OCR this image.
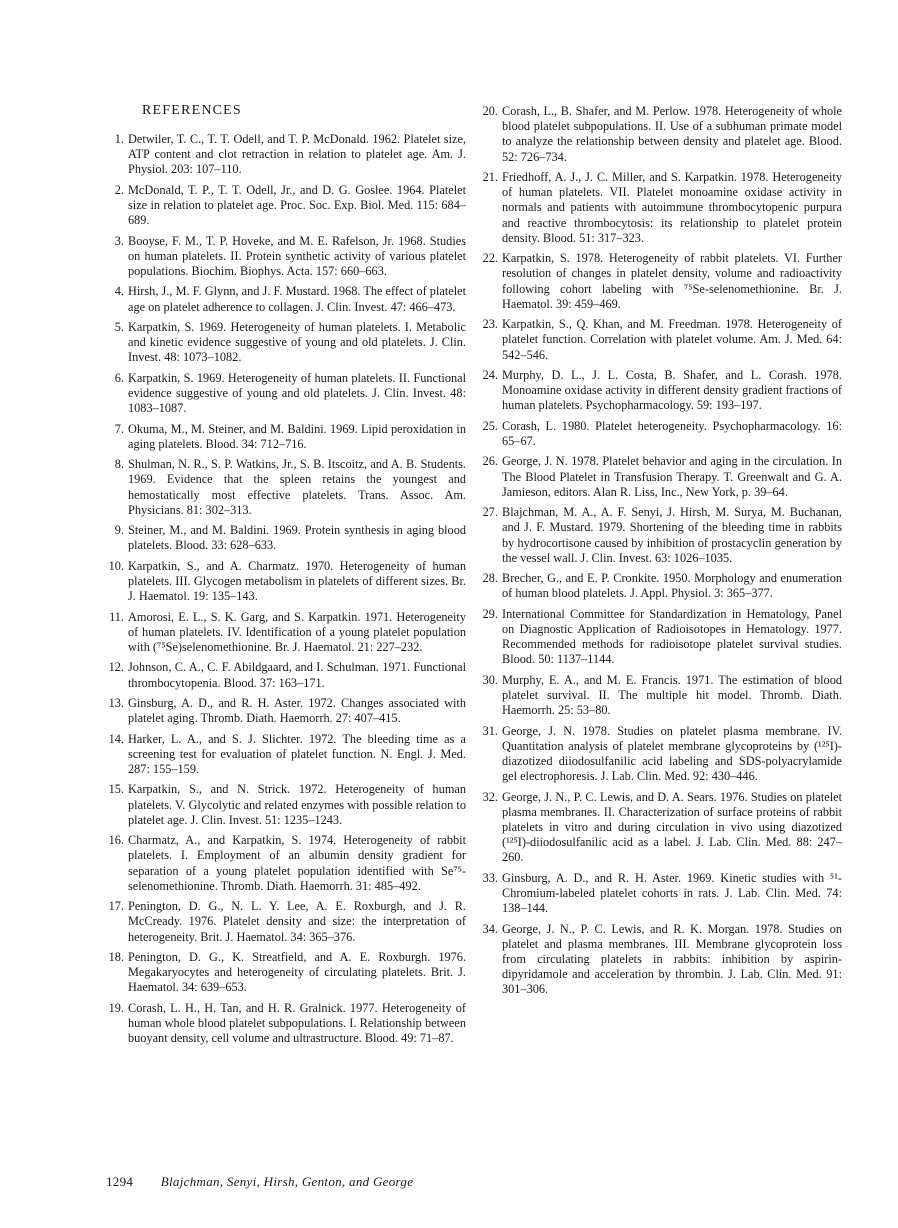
REFERENCES
1. Detwiler, T. C., T. T. Odell, and T. P. McDonald. 1962. Platelet size, ATP content and clot retraction in relation to platelet age. Am. J. Physiol. 203: 107–110.
2. McDonald, T. P., T. T. Odell, Jr., and D. G. Goslee. 1964. Platelet size in relation to platelet age. Proc. Soc. Exp. Biol. Med. 115: 684–689.
3. Booyse, F. M., T. P. Hoveke, and M. E. Rafelson, Jr. 1968. Studies on human platelets. II. Protein synthetic activity of various platelet populations. Biochim. Biophys. Acta. 157: 660–663.
4. Hirsh, J., M. F. Glynn, and J. F. Mustard. 1968. The effect of platelet age on platelet adherence to collagen. J. Clin. Invest. 47: 466–473.
5. Karpatkin, S. 1969. Heterogeneity of human platelets. I. Metabolic and kinetic evidence suggestive of young and old platelets. J. Clin. Invest. 48: 1073–1082.
6. Karpatkin, S. 1969. Heterogeneity of human platelets. II. Functional evidence suggestive of young and old platelets. J. Clin. Invest. 48: 1083–1087.
7. Okuma, M., M. Steiner, and M. Baldini. 1969. Lipid peroxidation in aging platelets. Blood. 34: 712–716.
8. Shulman, N. R., S. P. Watkins, Jr., S. B. Itscoitz, and A. B. Students. 1969. Evidence that the spleen retains the youngest and hemostatically most effective platelets. Trans. Assoc. Am. Physicians. 81: 302–313.
9. Steiner, M., and M. Baldini. 1969. Protein synthesis in aging blood platelets. Blood. 33: 628–633.
10. Karpatkin, S., and A. Charmatz. 1970. Heterogeneity of human platelets. III. Glycogen metabolism in platelets of different sizes. Br. J. Haematol. 19: 135–143.
11. Amorosi, E. L., S. K. Garg, and S. Karpatkin. 1971. Heterogeneity of human platelets. IV. Identification of a young platelet population with (⁷⁵Se)selenomethionine. Br. J. Haematol. 21: 227–232.
12. Johnson, C. A., C. F. Abildgaard, and I. Schulman. 1971. Functional thrombocytopenia. Blood. 37: 163–171.
13. Ginsburg, A. D., and R. H. Aster. 1972. Changes associated with platelet aging. Thromb. Diath. Haemorrh. 27: 407–415.
14. Harker, L. A., and S. J. Slichter. 1972. The bleeding time as a screening test for evaluation of platelet function. N. Engl. J. Med. 287: 155–159.
15. Karpatkin, S., and N. Strick. 1972. Heterogeneity of human platelets. V. Glycolytic and related enzymes with possible relation to platelet age. J. Clin. Invest. 51: 1235–1243.
16. Charmatz, A., and Karpatkin, S. 1974. Heterogeneity of rabbit platelets. I. Employment of an albumin density gradient for separation of a young platelet population identified with Se⁷⁵-selenomethionine. Thromb. Diath. Haemorrh. 31: 485–492.
17. Penington, D. G., N. L. Y. Lee, A. E. Roxburgh, and J. R. McCready. 1976. Platelet density and size: the interpretation of heterogeneity. Brit. J. Haematol. 34: 365–376.
18. Penington, D. G., K. Streatfield, and A. E. Roxburgh. 1976. Megakaryocytes and heterogeneity of circulating platelets. Brit. J. Haematol. 34: 639–653.
19. Corash, L. H., H. Tan, and H. R. Gralnick. 1977. Heterogeneity of human whole blood platelet subpopulations. I. Relationship between buoyant density, cell volume and ultrastructure. Blood. 49: 71–87.
20. Corash, L., B. Shafer, and M. Perlow. 1978. Heterogeneity of whole blood platelet subpopulations. II. Use of a subhuman primate model to analyze the relationship between density and platelet age. Blood. 52: 726–734.
21. Friedhoff, A. J., J. C. Miller, and S. Karpatkin. 1978. Heterogeneity of human platelets. VII. Platelet monoamine oxidase activity in normals and patients with autoimmune thrombocytopenic purpura and reactive thrombocytosis: its relationship to platelet protein density. Blood. 51: 317–323.
22. Karpatkin, S. 1978. Heterogeneity of rabbit platelets. VI. Further resolution of changes in platelet density, volume and radioactivity following cohort labeling with ⁷⁵Se-selenomethionine. Br. J. Haematol. 39: 459–469.
23. Karpatkin, S., Q. Khan, and M. Freedman. 1978. Heterogeneity of platelet function. Correlation with platelet volume. Am. J. Med. 64: 542–546.
24. Murphy, D. L., J. L. Costa, B. Shafer, and L. Corash. 1978. Monoamine oxidase activity in different density gradient fractions of human platelets. Psychopharmacology. 59: 193–197.
25. Corash, L. 1980. Platelet heterogeneity. Psychopharmacology. 16: 65–67.
26. George, J. N. 1978. Platelet behavior and aging in the circulation. In The Blood Platelet in Transfusion Therapy. T. Greenwalt and G. A. Jamieson, editors. Alan R. Liss, Inc., New York, p. 39–64.
27. Blajchman, M. A., A. F. Senyi, J. Hirsh, M. Surya, M. Buchanan, and J. F. Mustard. 1979. Shortening of the bleeding time in rabbits by hydrocortisone caused by inhibition of prostacyclin generation by the vessel wall. J. Clin. Invest. 63: 1026–1035.
28. Brecher, G., and E. P. Cronkite. 1950. Morphology and enumeration of human blood platelets. J. Appl. Physiol. 3: 365–377.
29. International Committee for Standardization in Hematology, Panel on Diagnostic Application of Radioisotopes in Hematology. 1977. Recommended methods for radioisotope platelet survival studies. Blood. 50: 1137–1144.
30. Murphy, E. A., and M. E. Francis. 1971. The estimation of blood platelet survival. II. The multiple hit model. Thromb. Diath. Haemorrh. 25: 53–80.
31. George, J. N. 1978. Studies on platelet plasma membrane. IV. Quantitation analysis of platelet membrane glycoproteins by (¹²⁵I)-diazotized diiodosulfanilic acid labeling and SDS-polyacrylamide gel electrophoresis. J. Lab. Clin. Med. 92: 430–446.
32. George, J. N., P. C. Lewis, and D. A. Sears. 1976. Studies on platelet plasma membranes. II. Characterization of surface proteins of rabbit platelets in vitro and during circulation in vivo using diazotized (¹²⁵I)-diiodosulfanilic acid as a label. J. Lab. Clin. Med. 88: 247–260.
33. Ginsburg, A. D., and R. H. Aster. 1969. Kinetic studies with ⁵¹-Chromium-labeled platelet cohorts in rats. J. Lab. Clin. Med. 74: 138–144.
34. George, J. N., P. C. Lewis, and R. K. Morgan. 1978. Studies on platelet and plasma membranes. III. Membrane glycoprotein loss from circulating platelets in rabbits: inhibition by aspirin-dipyridamole and acceleration by thrombin. J. Lab. Clin. Med. 91: 301–306.
1294 Blajchman, Senyi, Hirsh, Genton, and George
